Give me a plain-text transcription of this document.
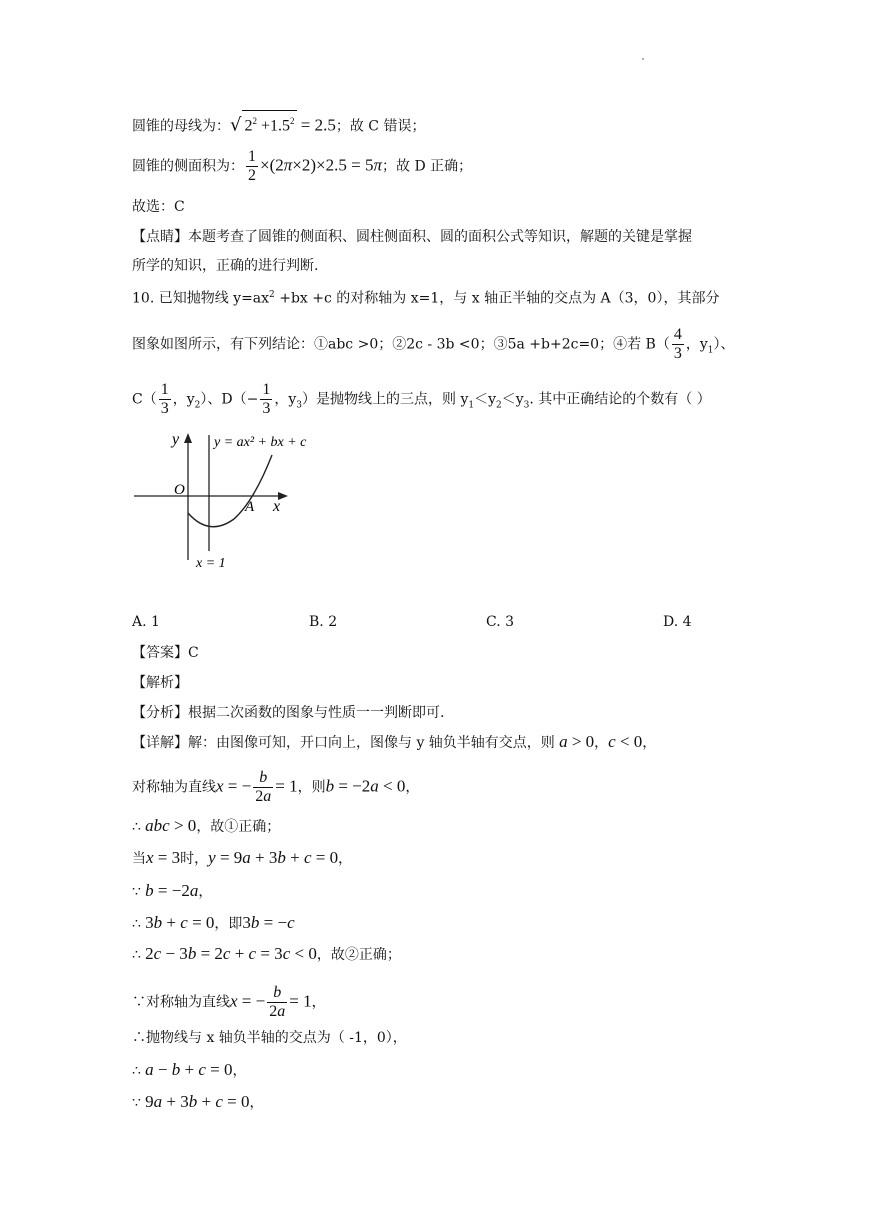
圆锥的母线为：√ $2^2 +1.5^2 = 2.5$；故 C 错误；
圆锥的侧面积为： $\frac{1}{2} \times(2\pi\times 2)\times 2.5 = 5\pi$；故 D 正确；
故选：C
【点睛】本题考查了圆锥的侧面积、圆柱侧面积、圆的面积公式等知识，解题的关键是掌握
所学的知识，正确的进行判断.
10. 已知抛物线 $y=ax^2 +bx +c$ 的对称轴为 x=1，与 x 轴正半轴的交点为 A（3，0），其部分
图象如图所示，有下列结论：①abc >0；②2c - 3b <0；③5a +b+2c=0；④若 $B( \frac{4}{3}$ ，$y_1$）、
$C( \frac{1}{3}$ ，$y_2$）、$D(- \frac{1}{3}$ ，$y_3$）是抛物线上的三点，则 $y_1<y_2<y_3$. 其中正确结论的个数有（ ）
y
x
O
A
y = ax² + bx + c
x = 1
A. 1	B. 2	C. 3	D. 4
【答案】C
【解析】
【分析】根据二次函数的图象与性质一一判断即可.
【详解】解：由图像可知，开口向上，图像与 y 轴负半轴有交点，则 a > 0，c < 0，
对称轴为直线x = − $\frac{b}{2a} = 1$，则b = −2a < 0，
∴ abc > 0，故①正确；
当x = 3时，y = 9a + 3b + c = 0，
∵ b = −2a，
∴ 3b + c = 0，即3b = −c
∴ 2c − 3b = 2c + c = 3c < 0，故②正确；
∵对称轴为直线x = − $\frac{b}{2a} = 1$，
∴抛物线与 x 轴负半轴的交点为（ -1，0），
∴ a − b + c = 0，
∵ 9a + 3b + c = 0，
